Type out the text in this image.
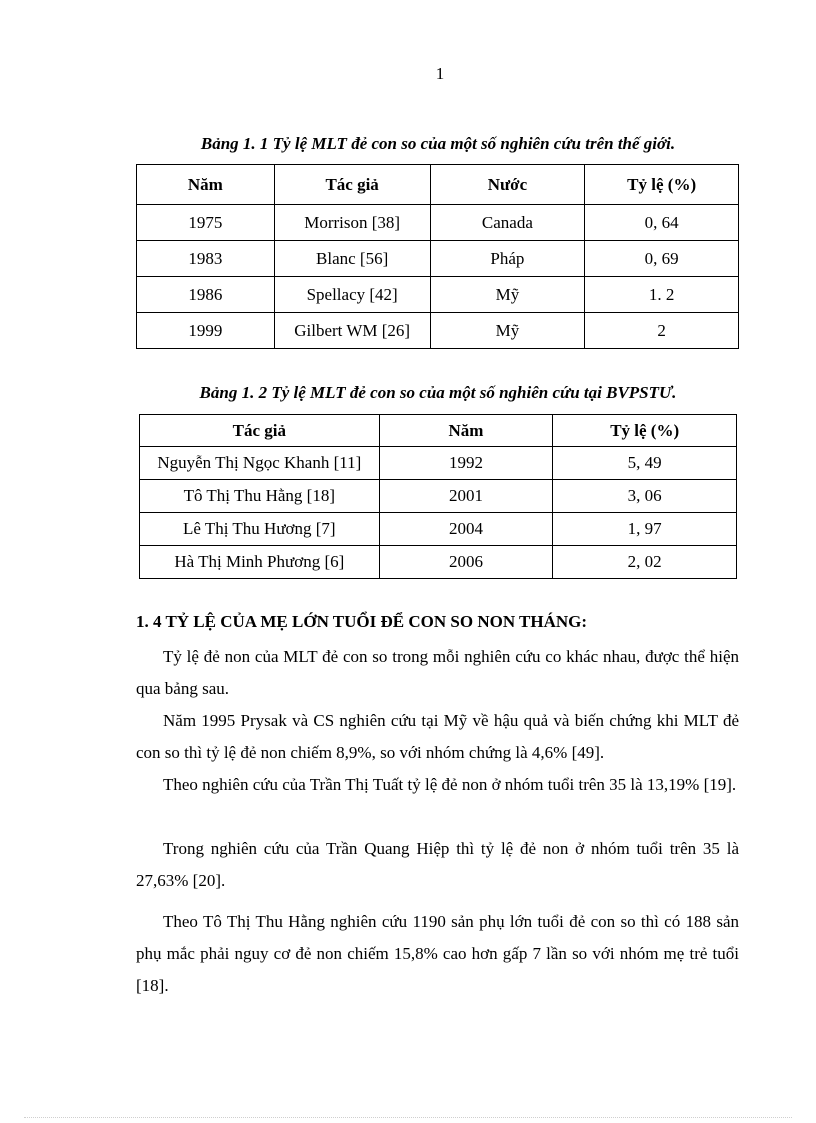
1
Bảng 1. 1 Tỷ lệ MLT đẻ con so của một số nghiên cứu trên thế giới.
Năm	Tác giả	Nước	Tỷ lệ (%)
1975	Morrison [38]	Canada	0, 64
1983	Blanc [56]	Pháp	0, 69
1986	Spellacy [42]	Mỹ	1. 2
1999	Gilbert WM [26]	Mỹ	2
Bảng 1. 2 Tỷ lệ MLT đẻ con so của một số nghiên cứu tại BVPSTƯ.
Tác giả	Năm	Tỷ lệ (%)
Nguyễn Thị Ngọc Khanh [11]	1992	5, 49
Tô Thị Thu Hằng [18]	2001	3, 06
Lê Thị Thu Hương [7]	2004	1, 97
Hà Thị Minh Phương [6]	2006	2, 02
1. 4 TỶ LỆ CỦA MẸ LỚN TUỔI ĐỂ CON SO NON THÁNG:

Tỷ lệ đẻ non của MLT đẻ con so trong mỗi nghiên cứu co khác nhau, được thể hiện qua bảng sau.

Năm 1995 Prysak và CS nghiên cứu tại Mỹ về hậu quả và biến chứng khi MLT đẻ con so thì tỷ lệ đẻ non chiếm 8,9%, so với nhóm chứng là 4,6% [49].

Theo nghiên cứu của Trần Thị Tuất tỷ lệ đẻ non ở nhóm tuổi trên 35 là 13,19% [19].

Trong nghiên cứu của Trần Quang Hiệp thì tỷ lệ đẻ non ở nhóm tuổi trên 35 là 27,63% [20].

Theo Tô Thị Thu Hằng nghiên cứu 1190 sản phụ lớn tuổi đẻ con so thì có 188 sản phụ mắc phải nguy cơ đẻ non chiếm 15,8% cao hơn gấp 7 lần so với nhóm mẹ trẻ tuổi [18].
